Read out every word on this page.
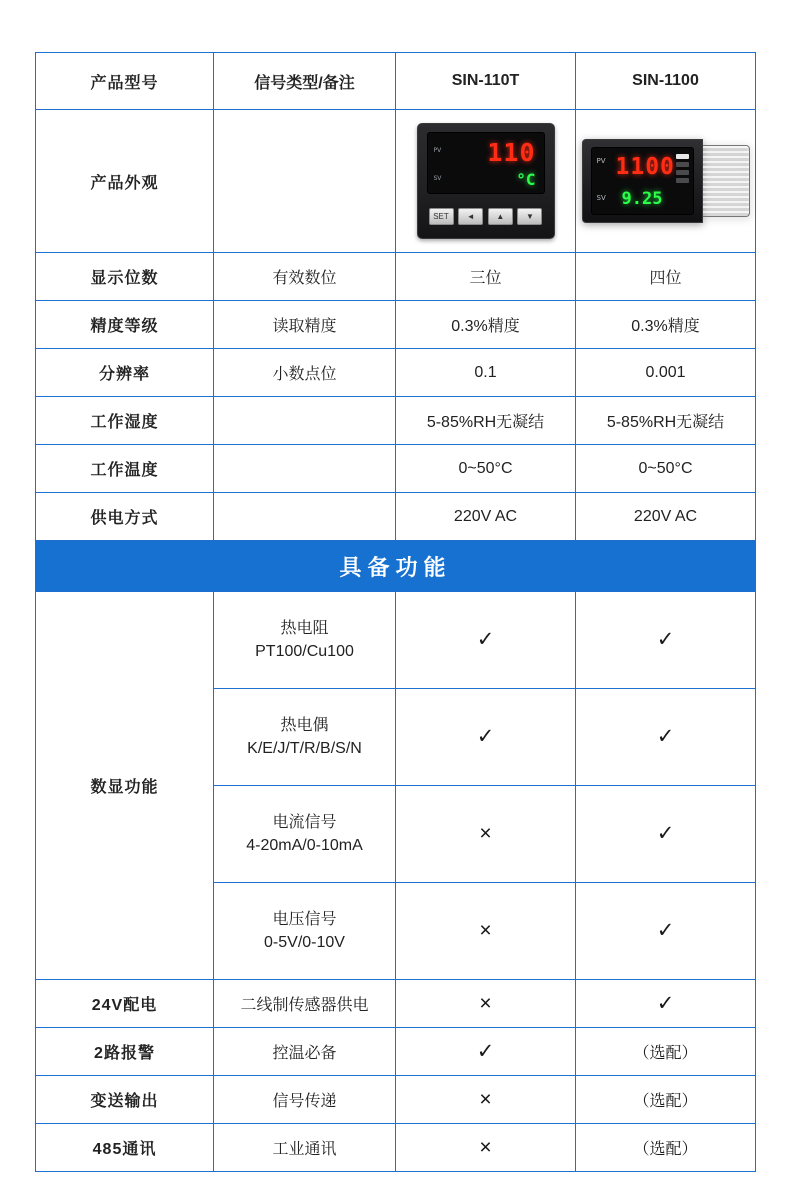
产品型号	信号类型/备注	SIN-110T	SIN-1100
产品外观		
PV
SV
110
°C
SET	◄	▲	▼

PV
SV
1100
9.25

显示位数	有效数位	三位	四位
精度等级	读取精度	0.3%精度	0.3%精度
分辨率	小数点位	0.1	0.001
工作湿度		5-85%RH无凝结	5-85%RH无凝结
工作温度		0~50°C	0~50°C
供电方式		220V AC	220V AC
具备功能			
数显功能	热电阻
PT100/Cu100	✓	✓

	热电偶
K/E/J/T/R/B/S/N	✓	✓

	电流信号
4-20mA/0-10mA	×	✓

	电压信号
0-5V/0-10V	×	✓
24V配电	二线制传感器供电	×	✓
2路报警	控温必备	✓	（选配）
变送输出	信号传递	×	（选配）
485通讯	工业通讯	×	（选配）
